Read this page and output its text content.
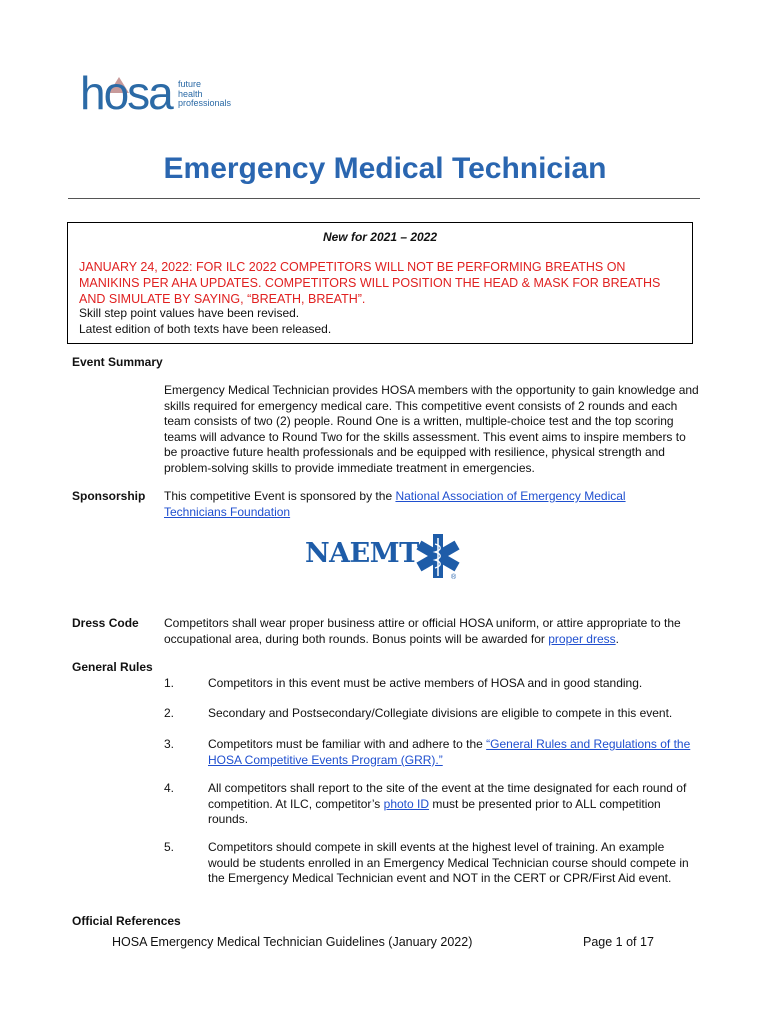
hosa future
health
professionals
Emergency Medical Technician
New for 2021 – 2022
JANUARY 24, 2022: FOR ILC 2022 COMPETITORS WILL NOT BE PERFORMING BREATHS ON MANIKINS PER AHA UPDATES. COMPETITORS WILL POSITION THE HEAD & MASK FOR BREATHS AND SIMULATE BY SAYING, “BREATH, BREATH”.
Skill step point values have been revised.
Latest edition of both texts have been released.
Event Summary
Emergency Medical Technician provides HOSA members with the opportunity to gain knowledge and skills required for emergency medical care. This competitive event consists of 2 rounds and each team consists of two (2) people. Round One is a written, multiple-choice test and the top scoring teams will advance to Round Two for the skills assessment. This event aims to inspire members to be proactive future health professionals and be equipped with resilience, physical strength and problem-solving skills to provide immediate treatment in emergencies.
Sponsorship This competitive Event is sponsored by the National Association of Emergency Medical Technicians Foundation
NAEMT
®
Dress Code Competitors shall wear proper business attire or official HOSA uniform, or attire appropriate to the occupational area, during both rounds. Bonus points will be awarded for proper dress.
General Rules
1.	Competitors in this event must be active members of HOSA and in good standing.
2.	Secondary and Postsecondary/Collegiate divisions are eligible to compete in this event.
3.	Competitors must be familiar with and adhere to the “General Rules and Regulations of the HOSA Competitive Events Program (GRR).”
4.	All competitors shall report to the site of the event at the time designated for each round of competition. At ILC, competitor’s photo ID must be presented prior to ALL competition rounds.
5.	Competitors should compete in skill events at the highest level of training. An example would be students enrolled in an Emergency Medical Technician course should compete in the Emergency Medical Technician event and NOT in the CERT or CPR/First Aid event.
Official References
HOSA Emergency Medical Technician Guidelines (January 2022)	Page 1 of 17
